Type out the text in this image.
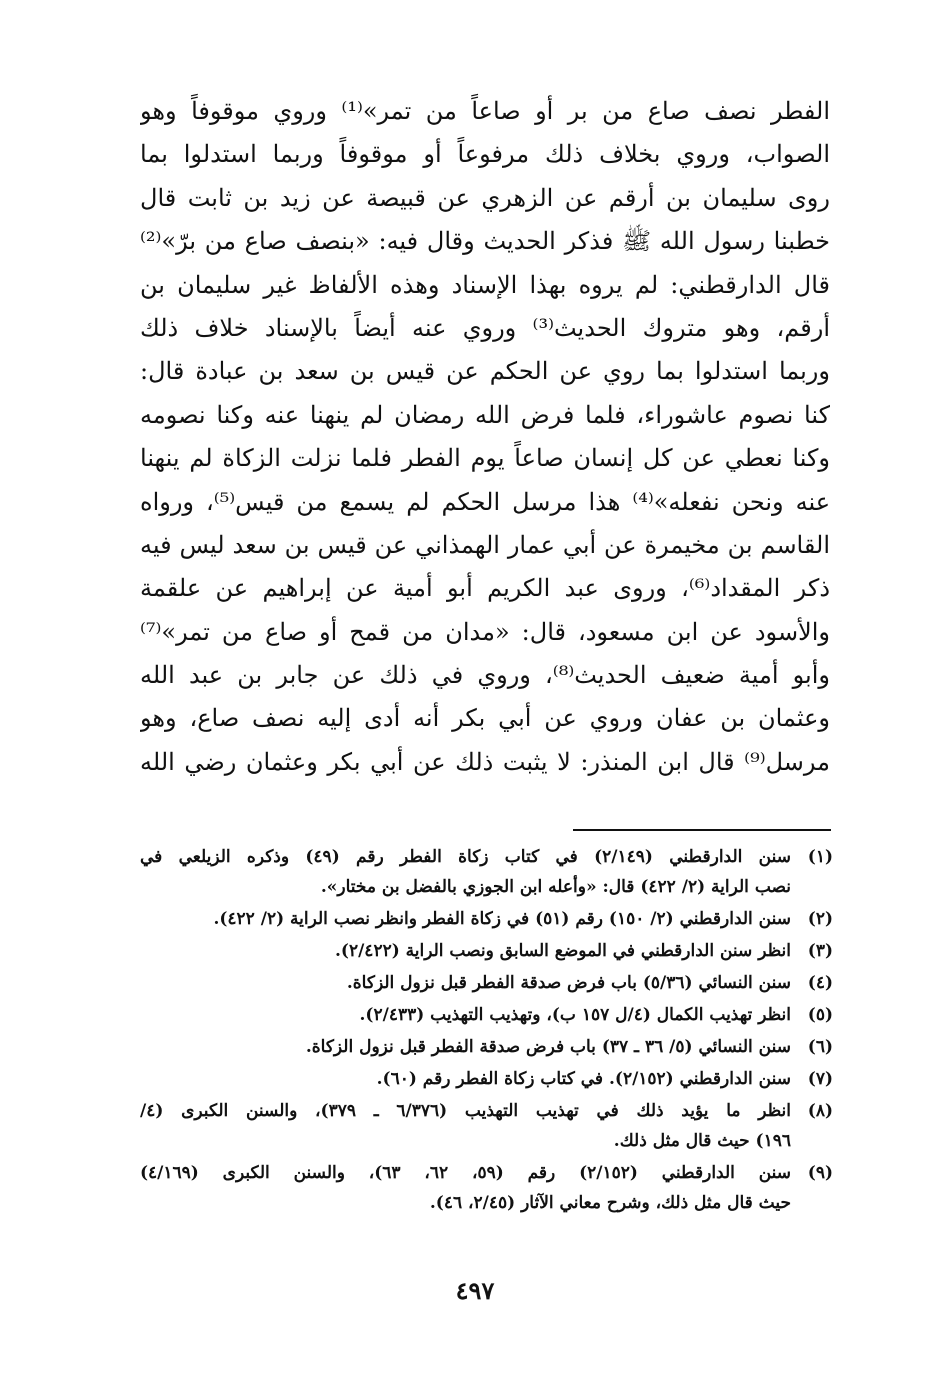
الفطر نصف صاع من بر أو صاعاً من تمر»⁽¹⁾ وروي موقوفاً وهو
الصواب، وروي بخلاف ذلك مرفوعاً أو موقوفاً وربما استدلوا بما
روى سليمان بن أرقم عن الزهري عن قبيصة عن زيد بن ثابت قال
خطبنا رسول الله ﷺ فذكر الحديث وقال فيه: «بنصف صاع من برّ»⁽²⁾
قال الدارقطني: لم يروه بهذا الإسناد وهذه الألفاظ غير سليمان بن
أرقم، وهو متروك الحديث⁽³⁾ وروي عنه أيضاً بالإسناد خلاف ذلك
وربما استدلوا بما روي عن الحكم عن قيس بن سعد بن عبادة قال:
كنا نصوم عاشوراء، فلما فرض الله رمضان لم ينهنا عنه وكنا نصومه
وكنا نعطي عن كل إنسان صاعاً يوم الفطر فلما نزلت الزكاة لم ينهنا
عنه ونحن نفعله»⁽⁴⁾ هذا مرسل الحكم لم يسمع من قيس⁽⁵⁾، ورواه
القاسم بن مخيمرة عن أبي عمار الهمذاني عن قيس بن سعد ليس فيه
ذكر المقداد⁽⁶⁾، وروى عبد الكريم أبو أمية عن إبراهيم عن علقمة
والأسود عن ابن مسعود، قال: «مدان من قمح أو صاع من تمر»⁽⁷⁾
وأبو أمية ضعيف الحديث⁽⁸⁾، وروي في ذلك عن جابر بن عبد الله
وعثمان بن عفان وروي عن أبي بكر أنه أدى إليه نصف صاع، وهو
مرسل⁽⁹⁾ قال ابن المنذر: لا يثبت ذلك عن أبي بكر وعثمان رضي الله
(١)
سنن الدارقطني (٢/١٤٩) في كتاب زكاة الفطر رقم (٤٩) وذكره الزيلعي في
نصب الراية (٢/ ٤٢٢) قال: «وأعله ابن الجوزي بالفضل بن مختار».
(٢)
سنن الدارقطني (٢/ ١٥٠) رقم (٥١) في زكاة الفطر وانظر نصب الراية (٢/ ٤٢٢).
(٣)
انظر سنن الدارقطني في الموضع السابق ونصب الراية (٢/٤٢٢).
(٤)
سنن النسائي (٥/٣٦) باب فرض صدقة الفطر قبل نزول الزكاة.
(٥)
انظر تهذيب الكمال (٤/ل ١٥٧ ب)، وتهذيب التهذيب (٢/٤٣٣).
(٦)
سنن النسائي (٥/ ٣٦ ـ ٣٧) باب فرض صدقة الفطر قبل نزول الزكاة.
(٧)
سنن الدارقطني (٢/١٥٢). في كتاب زكاة الفطر رقم (٦٠).
(٨)
انظر ما يؤيد ذلك في تهذيب التهذيب (٦/٣٧٦ ـ ٣٧٩)، والسنن الكبرى (٤/
١٩٦) حيث قال مثل ذلك.
(٩)
سنن الدارقطني (٢/١٥٢) رقم (٥٩، ٦٢، ٦٣)، والسنن الكبرى (٤/١٦٩)
حيث قال مثل ذلك، وشرح معاني الآثار (٢/٤٥، ٤٦).
٤٩٧
